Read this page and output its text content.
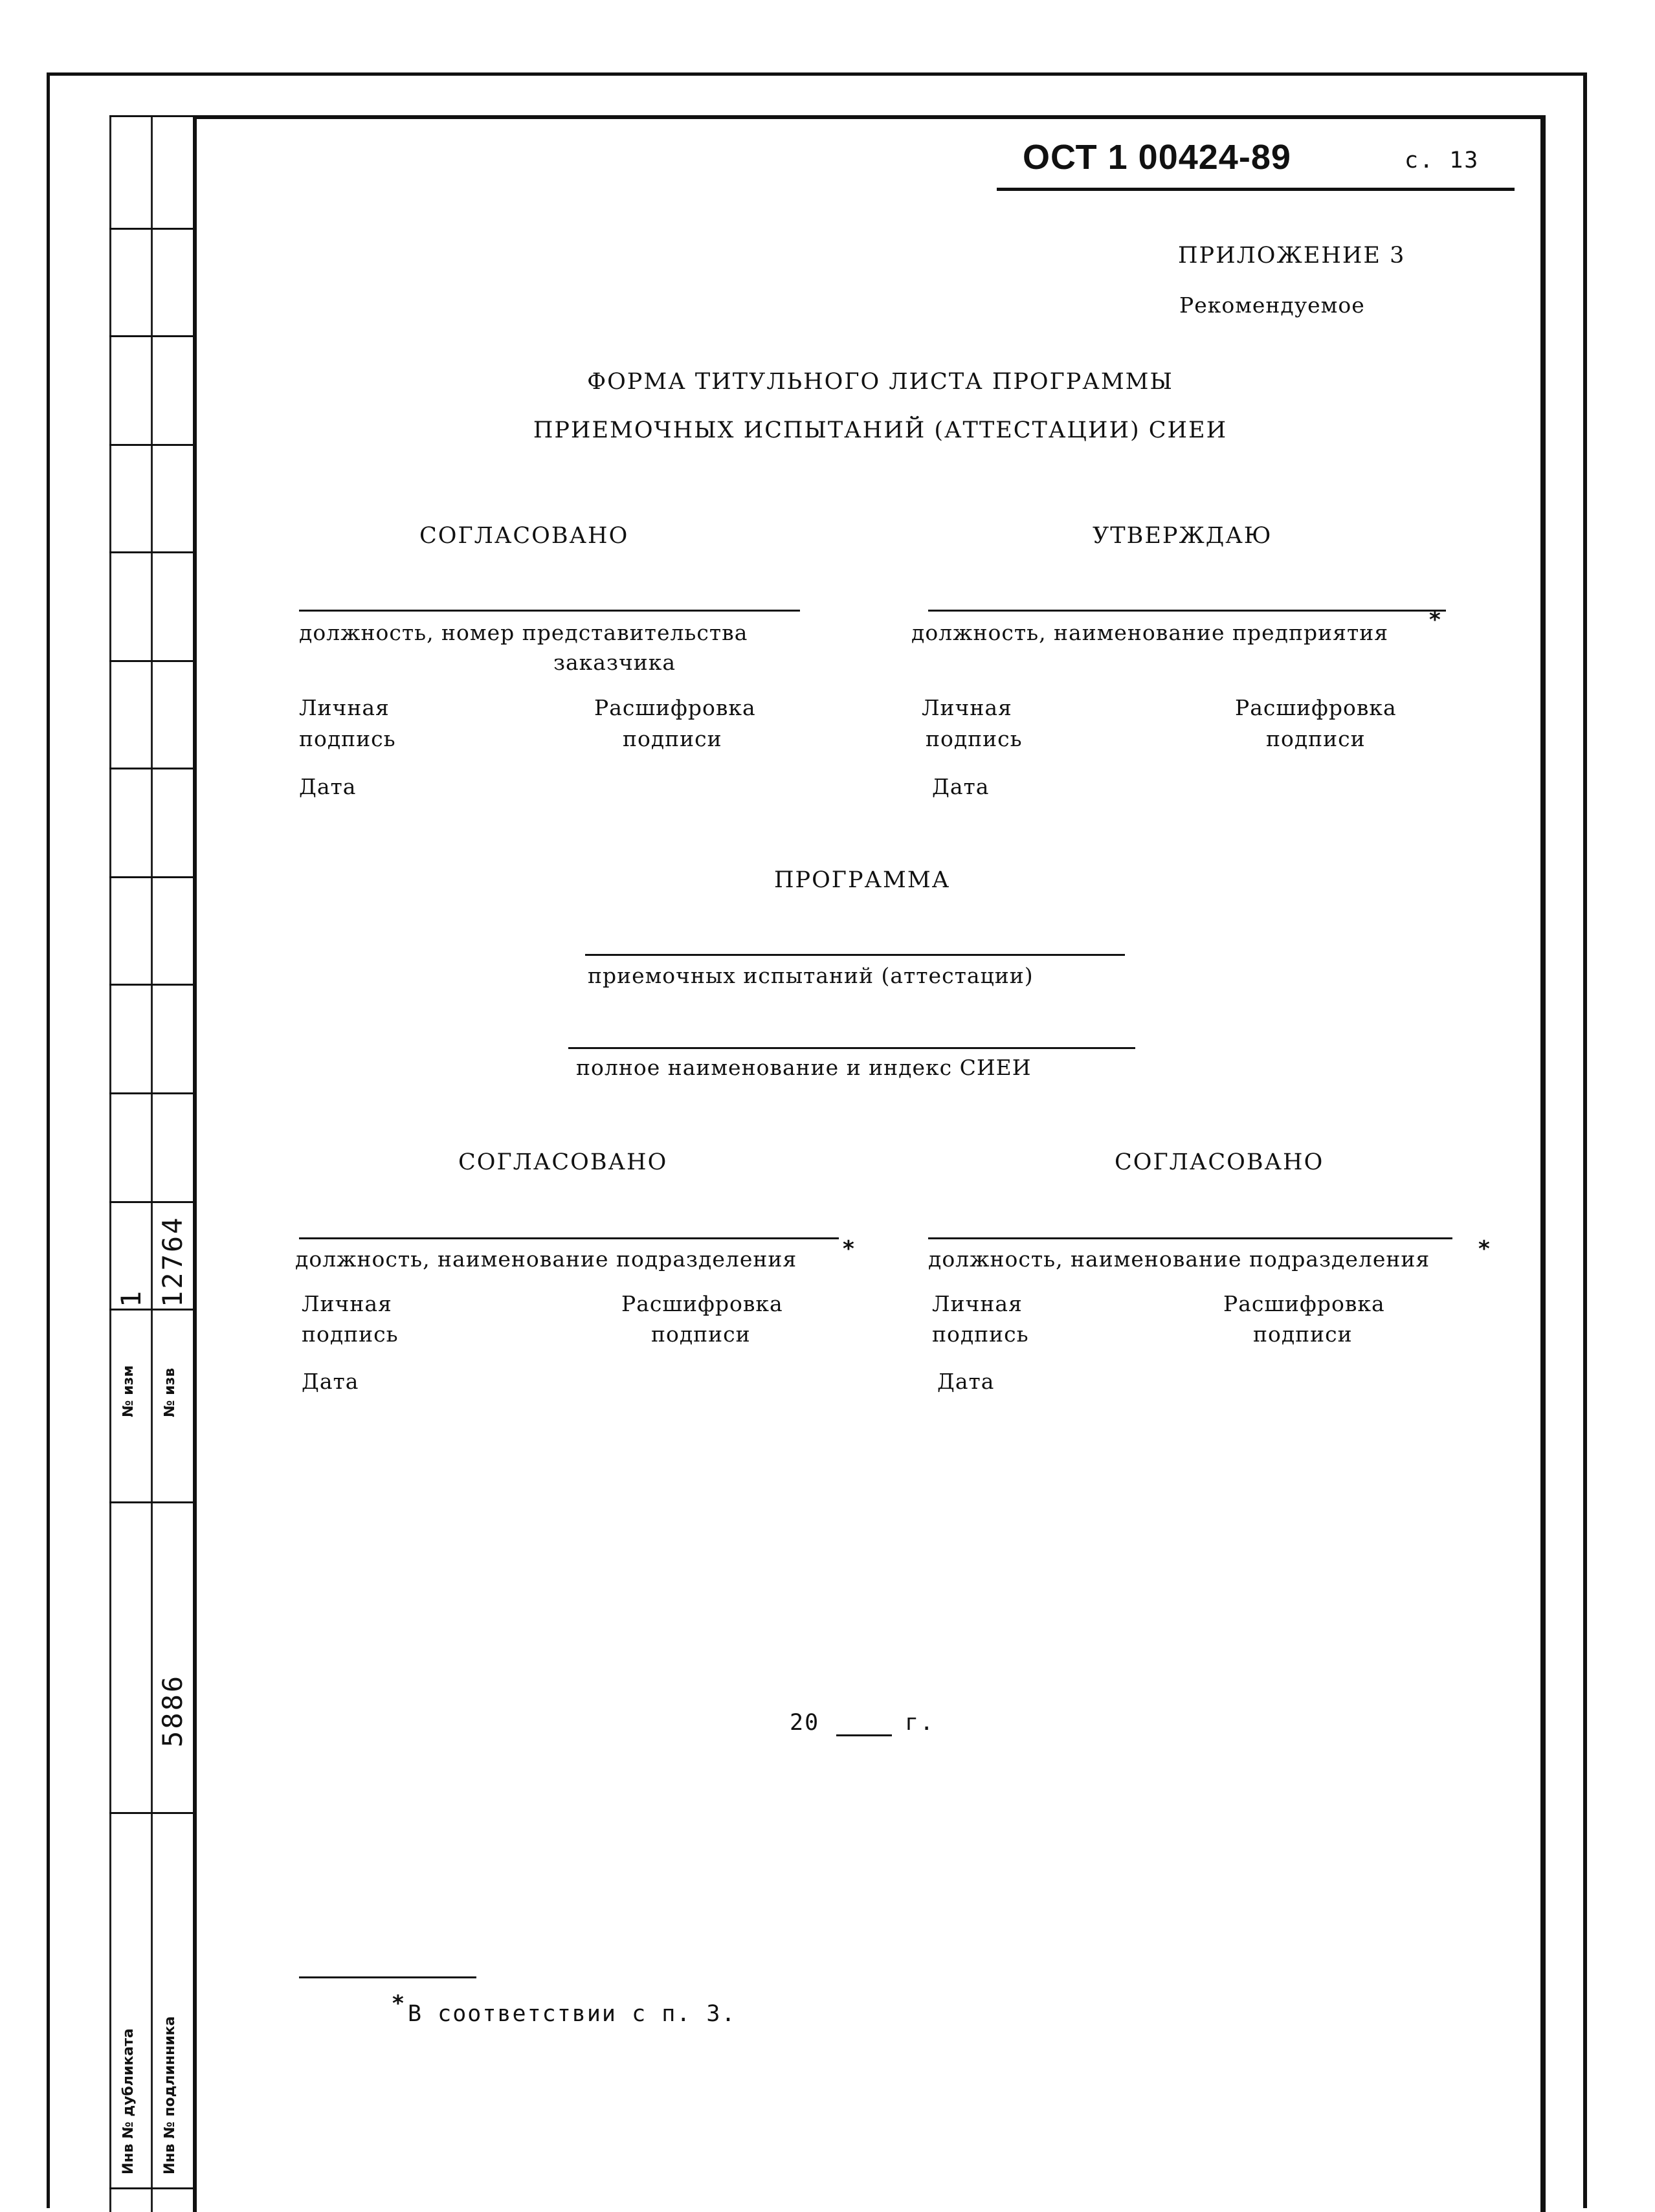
1 12764
№ изм № изв
5886
Инв № дубликата Инв № подлинника
ОСТ 1 00424-89	с. 13
ПРИЛОЖЕНИЕ 3
Рекомендуемое
ФОРМА ТИТУЛЬНОГО ЛИСТА ПРОГРАММЫ
ПРИЕМОЧНЫХ ИСПЫТАНИЙ (АТТЕСТАЦИИ) СИЕИ
СОГЛАСОВАНО
должность, номер представительства
заказчика
Личная
подпись
Расшифровка
подписи
Дата
УТВЕРЖДАЮ
должность, наименование предприятия *
Личная
подпись
Расшифровка
подписи
Дата
ПРОГРАММА
приемочных испытаний (аттестации)
полное наименование и индекс СИЕИ
СОГЛАСОВАНО
должность, наименование подразделения *
Личная
подпись
Расшифровка
подписи
Дата
СОГЛАСОВАНО
должность, наименование подразделения *
Личная
подпись
Расшифровка
подписи
Дата
20	г.
* В соответствии с п. 3.
